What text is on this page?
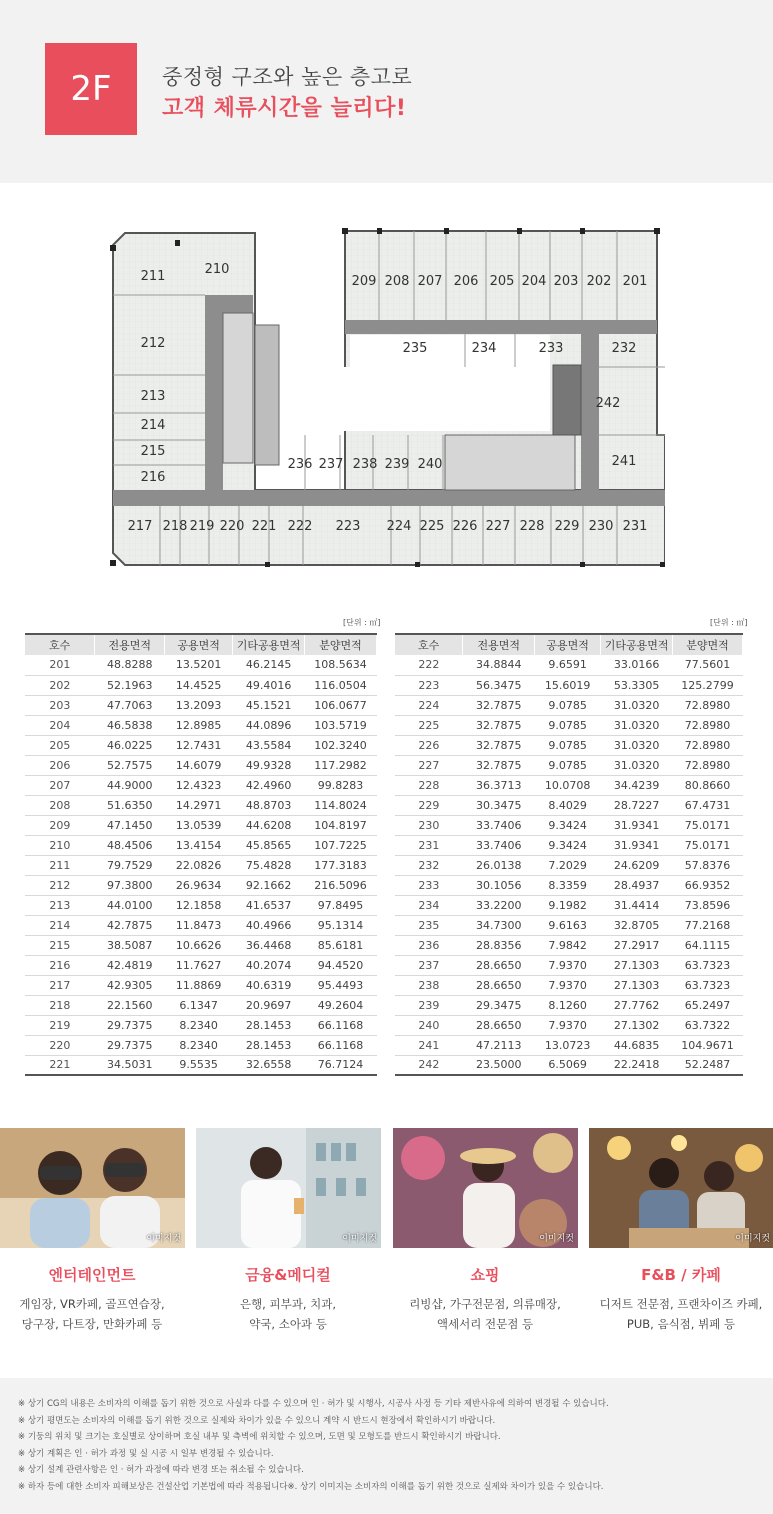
2F	중정형 구조와 높은 층고로
고객 체류시간을 늘리다!
211	210
212
213
214
215
216
209 208 207 206 205 204 203 202 201
235	234	233	232
242
241
236 237 238 239 240
217 218 219 220 221 222 223 224 225 226 227 228 229 230 231
[단위 : ㎡]	[단위 : ㎡]
호수	전용면적	공용면적	기타공용면적	분양면적
201	48.8288	13.5201	46.2145	108.5634
202	52.1963	14.4525	49.4016	116.0504
203	47.7063	13.2093	45.1521	106.0677
204	46.5838	12.8985	44.0896	103.5719
205	46.0225	12.7431	43.5584	102.3240
206	52.7575	14.6079	49.9328	117.2982
207	44.9000	12.4323	42.4960	99.8283
208	51.6350	14.2971	48.8703	114.8024
209	47.1450	13.0539	44.6208	104.8197
210	48.4506	13.4154	45.8565	107.7225
211	79.7529	22.0826	75.4828	177.3183
212	97.3800	26.9634	92.1662	216.5096
213	44.0100	12.1858	41.6537	97.8495
214	42.7875	11.8473	40.4966	95.1314
215	38.5087	10.6626	36.4468	85.6181
216	42.4819	11.7627	40.2074	94.4520
217	42.9305	11.8869	40.6319	95.4493
218	22.1560	6.1347	20.9697	49.2604
219	29.7375	8.2340	28.1453	66.1168
220	29.7375	8.2340	28.1453	66.1168
221	34.5031	9.5535	32.6558	76.7124
호수	전용면적	공용면적	기타공용면적	분양면적
222	34.8844	9.6591	33.0166	77.5601
223	56.3475	15.6019	53.3305	125.2799
224	32.7875	9.0785	31.0320	72.8980
225	32.7875	9.0785	31.0320	72.8980
226	32.7875	9.0785	31.0320	72.8980
227	32.7875	9.0785	31.0320	72.8980
228	36.3713	10.0708	34.4239	80.8660
229	30.3475	8.4029	28.7227	67.4731
230	33.7406	9.3424	31.9341	75.0171
231	33.7406	9.3424	31.9341	75.0171
232	26.0138	7.2029	24.6209	57.8376
233	30.1056	8.3359	28.4937	66.9352
234	33.2200	9.1982	31.4414	73.8596
235	34.7300	9.6163	32.8705	77.2168
236	28.8356	7.9842	27.2917	64.1115
237	28.6650	7.9370	27.1303	63.7323
238	28.6650	7.9370	27.1303	63.7323
239	29.3475	8.1260	27.7762	65.2497
240	28.6650	7.9370	27.1302	63.7322
241	47.2113	13.0723	44.6835	104.9671
242	23.5000	6.5069	22.2418	52.2487
이미지컷	이미지컷	이미지컷	이미지컷
엔터테인먼트	금융&메디컬	쇼핑	F&B / 카페
게임장, VR카페, 골프연습장,
당구장, 다트장, 만화카페 등
은행, 피부과, 치과,
약국, 소아과 등
리빙샵, 가구전문점, 의류매장,
액세서리 전문점 등
디저트 전문점, 프랜차이즈 카페,
PUB, 음식점, 뷔페 등

※ 상기 CG의 내용은 소비자의 이해를 돕기 위한 것으로 사실과 다를 수 있으며 인 · 허가 및 시행사, 시공사 사정 등 기타 제반사유에 의하여 변경될 수 있습니다.

※ 상기 평면도는 소비자의 이해를 돕기 위한 것으로 실제와 차이가 있을 수 있으니 계약 시 반드시 현장에서 확인하시기 바랍니다.

※ 기둥의 위치 및 크기는 호실별로 상이하며 호실 내부 및 측벽에 위치할 수 있으며, 도면 및 모형도를 반드시 확인하시기 바랍니다.

※ 상기 계획은 인 · 허가 과정 및 실 시공 시 일부 변경될 수 있습니다.

※ 상기 설계 관련사항은 인 · 허가 과정에 따라 변경 또는 취소될 수 있습니다.

※ 하자 등에 대한 소비자 피해보상은 건설산업 기본법에 따라 적용됩니다※. 상기 이미지는 소비자의 이해를 돕기 위한 것으로 실제와 차이가 있을 수 있습니다.
